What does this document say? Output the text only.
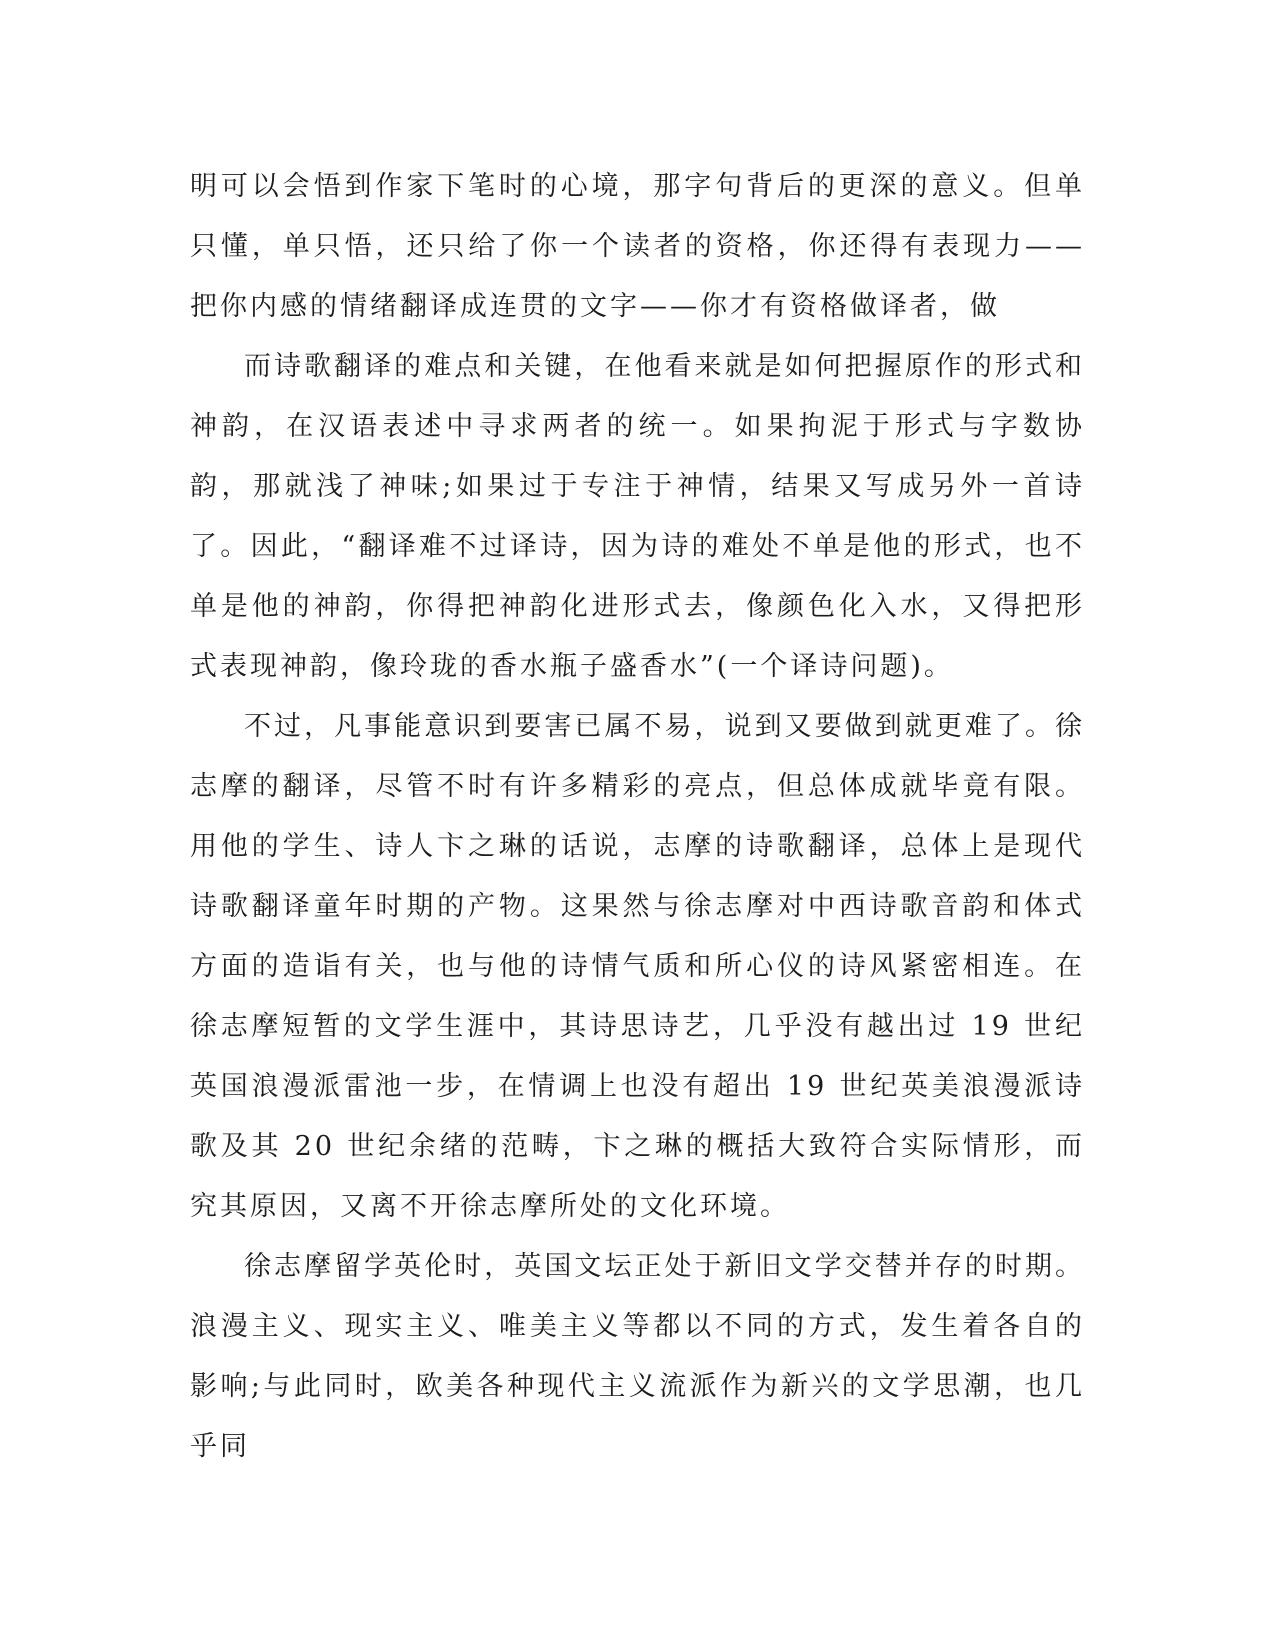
明可以会悟到作家下笔时的心境，那字句背后的更深的意义。但单只懂，单只悟，还只给了你一个读者的资格，你还得有表现力——把你内感的情绪翻译成连贯的文字——你才有资格做译者，做

而诗歌翻译的难点和关键，在他看来就是如何把握原作的形式和神韵，在汉语表述中寻求两者的统一。如果拘泥于形式与字数协韵，那就浅了神味;如果过于专注于神情，结果又写成另外一首诗了。因此，“翻译难不过译诗，因为诗的难处不单是他的形式，也不单是他的神韵，你得把神韵化进形式去，像颜色化入水，又得把形式表现神韵，像玲珑的香水瓶子盛香水”(一个译诗问题)。

不过，凡事能意识到要害已属不易，说到又要做到就更难了。徐志摩的翻译，尽管不时有许多精彩的亮点，但总体成就毕竟有限。用他的学生、诗人卞之琳的话说，志摩的诗歌翻译，总体上是现代诗歌翻译童年时期的产物。这果然与徐志摩对中西诗歌音韵和体式方面的造诣有关，也与他的诗情气质和所心仪的诗风紧密相连。在徐志摩短暂的文学生涯中，其诗思诗艺，几乎没有越出过 19 世纪英国浪漫派雷池一步，在情调上也没有超出 19 世纪英美浪漫派诗歌及其 20 世纪余绪的范畴，卞之琳的概括大致符合实际情形，而究其原因，又离不开徐志摩所处的文化环境。

徐志摩留学英伦时，英国文坛正处于新旧文学交替并存的时期。浪漫主义、现实主义、唯美主义等都以不同的方式，发生着各自的影响;与此同时，欧美各种现代主义流派作为新兴的文学思潮，也几乎同
